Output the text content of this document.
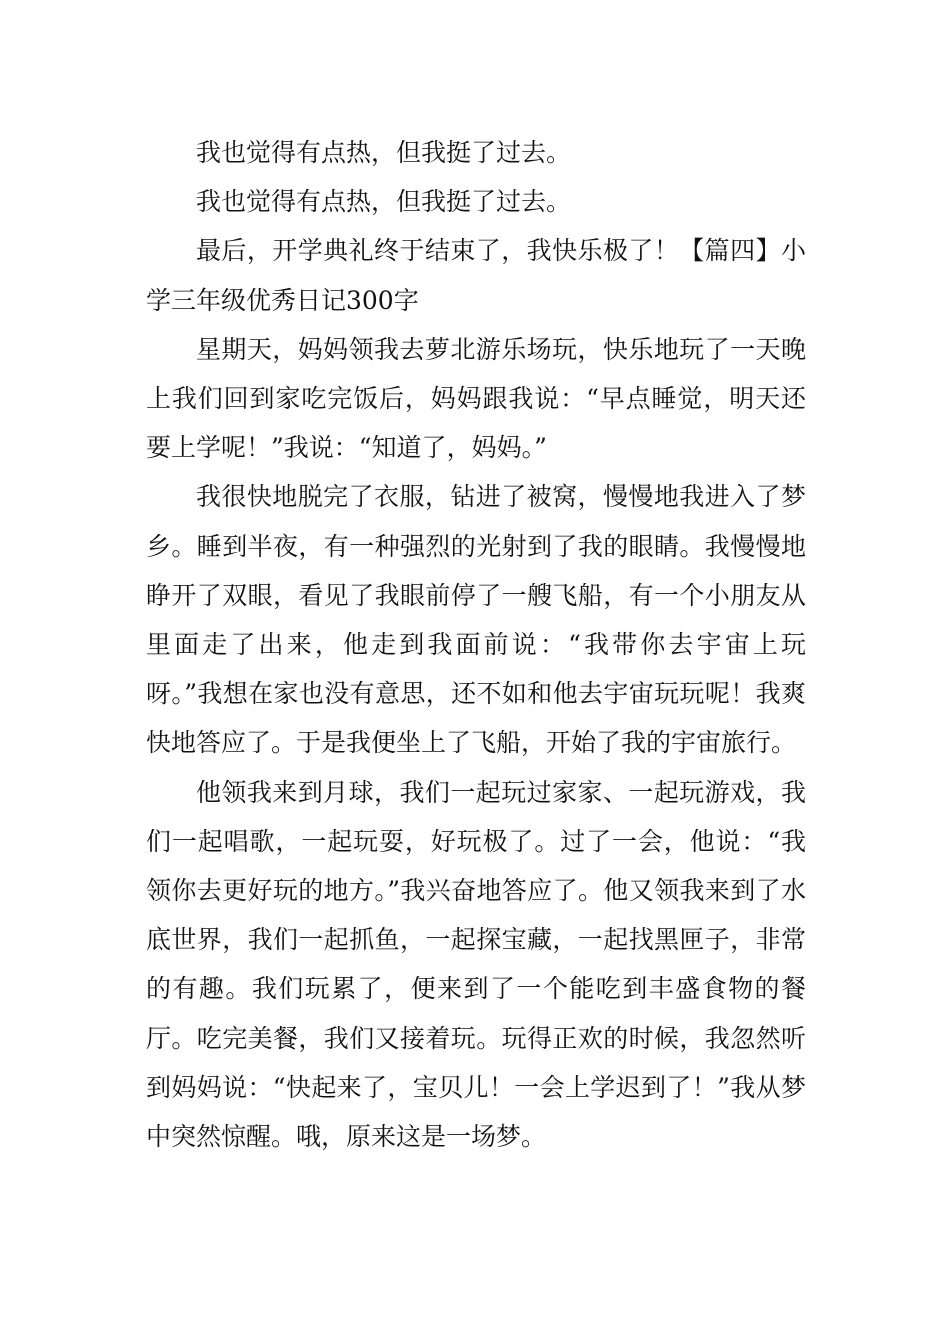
我也觉得有点热，但我挺了过去。

我也觉得有点热，但我挺了过去。

最后，开学典礼终于结束了，我快乐极了！【篇四】小学三年级优秀日记300字

星期天，妈妈领我去萝北游乐场玩，快乐地玩了一天晚上我们回到家吃完饭后，妈妈跟我说：“早点睡觉，明天还要上学呢！”我说：“知道了，妈妈。”

我很快地脱完了衣服，钻进了被窝，慢慢地我进入了梦乡。睡到半夜，有一种强烈的光射到了我的眼睛。我慢慢地睁开了双眼，看见了我眼前停了一艘飞船，有一个小朋友从里面走了出来，他走到我面前说：“我带你去宇宙上玩呀。”我想在家也没有意思，还不如和他去宇宙玩玩呢！我爽快地答应了。于是我便坐上了飞船，开始了我的宇宙旅行。

他领我来到月球，我们一起玩过家家、一起玩游戏，我们一起唱歌，一起玩耍，好玩极了。过了一会，他说：“我领你去更好玩的地方。”我兴奋地答应了。他又领我来到了水底世界，我们一起抓鱼，一起探宝藏，一起找黑匣子，非常的有趣。我们玩累了，便来到了一个能吃到丰盛食物的餐厅。吃完美餐，我们又接着玩。玩得正欢的时候，我忽然听到妈妈说：“快起来了，宝贝儿！一会上学迟到了！”我从梦中突然惊醒。哦，原来这是一场梦。
